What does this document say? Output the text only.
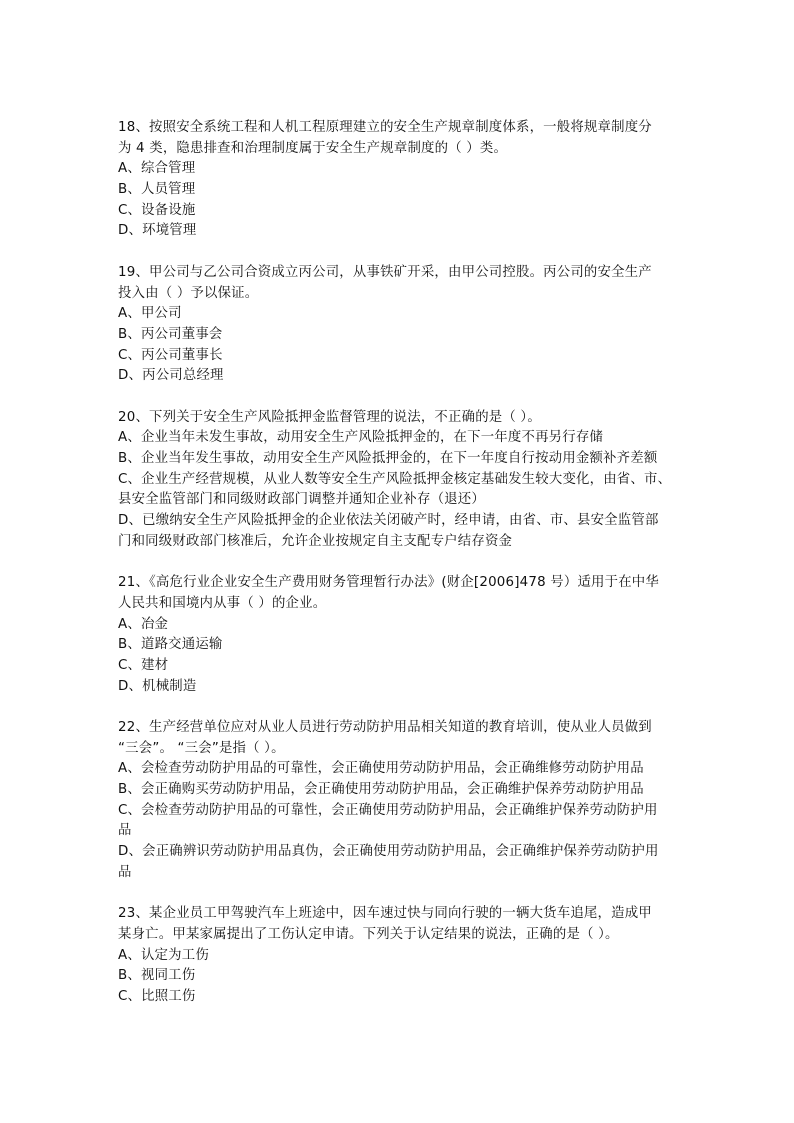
18、按照安全系统工程和人机工程原理建立的安全生产规章制度体系，一般将规章制度分
为 4 类，隐患排查和治理制度属于安全生产规章制度的（ ）类。
A、综合管理
B、人员管理
C、设备设施
D、环境管理
19、甲公司与乙公司合资成立丙公司，从事铁矿开采，由甲公司控股。丙公司的安全生产
投入由（ ）予以保证。
A、甲公司
B、丙公司董事会
C、丙公司董事长
D、丙公司总经理
20、下列关于安全生产风险抵押金监督管理的说法，不正确的是（ ）。
A、企业当年未发生事故，动用安全生产风险抵押金的，在下一年度不再另行存储
B、企业当年发生事故，动用安全生产风险抵押金的，在下一年度自行按动用金额补齐差额
C、企业生产经营规模，从业人数等安全生产风险抵押金核定基础发生较大变化，由省、市、
县安全监管部门和同级财政部门调整并通知企业补存（退还）
D、已缴纳安全生产风险抵押金的企业依法关闭破产时，经申请，由省、市、县安全监管部
门和同级财政部门核准后，允许企业按规定自主支配专户结存资金
21、《高危行业企业安全生产费用财务管理暂行办法》(财企[2006]478 号）适用于在中华
人民共和国境内从事（ ）的企业。
A、冶金
B、道路交通运输
C、建材
D、机械制造
22、生产经营单位应对从业人员进行劳动防护用品相关知道的教育培训，使从业人员做到
“三会”。 “三会”是指（ ）。
A、会检查劳动防护用品的可靠性，会正确使用劳动防护用品，会正确维修劳动防护用品
B、会正确购买劳动防护用品，会正确使用劳动防护用品，会正确维护保养劳动防护用品
C、会检查劳动防护用品的可靠性，会正确使用劳动防护用品，会正确维护保养劳动防护用
品
D、会正确辨识劳动防护用品真伪，会正确使用劳动防护用品，会正确维护保养劳动防护用
品
23、某企业员工甲驾驶汽车上班途中，因车速过快与同向行驶的一辆大货车追尾，造成甲
某身亡。甲某家属提出了工伤认定申请。下列关于认定结果的说法，正确的是（ ）。
A、认定为工伤
B、视同工伤
C、比照工伤
